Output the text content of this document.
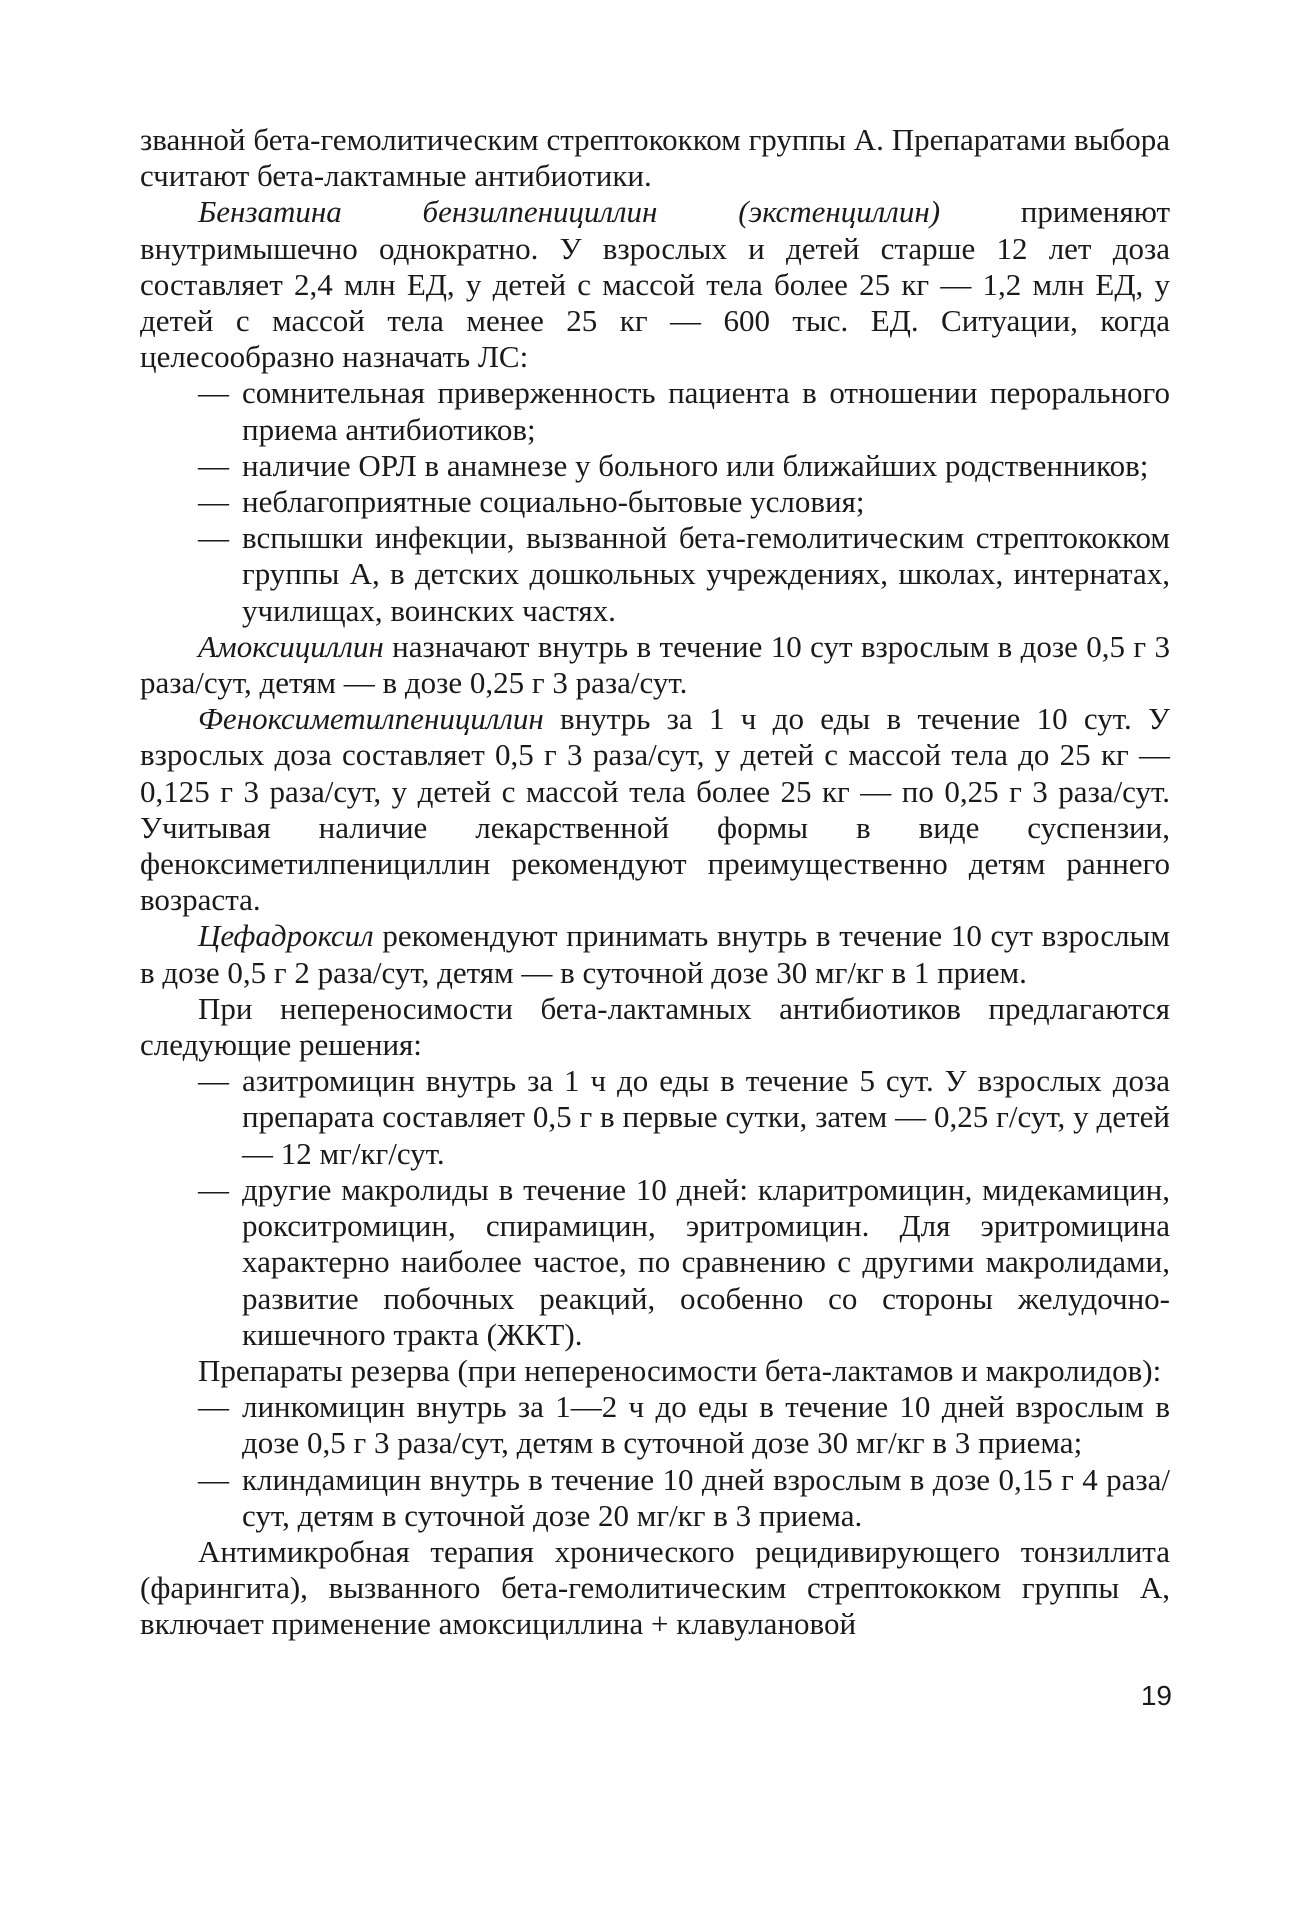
званной бета-гемолитическим стрептококком группы А. Препаратами выбора считают бета-лактамные антибиотики.

Бензатина бензилпенициллин (экстенциллин) применяют внутримышечно однократно. У взрослых и детей старше 12 лет доза составляет 2,4 млн ЕД, у детей с массой тела более 25 кг — 1,2 млн ЕД, у детей с массой тела менее 25 кг — 600 тыс. ЕД. Ситуации, когда целесообразно назначать ЛС:

— сомнительная приверженность пациента в отношении перорального приема антибиотиков;
— наличие ОРЛ в анамнезе у больного или ближайших родственников;
— неблагоприятные социально-бытовые условия;
— вспышки инфекции, вызванной бета-гемолитическим стрептококком группы А, в детских дошкольных учреждениях, школах, интернатах, училищах, воинских частях.

Амоксициллин назначают внутрь в течение 10 сут взрослым в дозе 0,5 г 3 раза/сут, детям — в дозе 0,25 г 3 раза/сут.

Феноксиметилпенициллин внутрь за 1 ч до еды в течение 10 сут. У взрослых доза составляет 0,5 г 3 раза/сут, у детей с массой тела до 25 кг — 0,125 г 3 раза/сут, у детей с массой тела более 25 кг — по 0,25 г 3 раза/сут. Учитывая наличие лекарственной формы в виде суспензии, феноксиметилпенициллин рекомендуют преимущественно детям раннего возраста.

Цефадроксил рекомендуют принимать внутрь в течение 10 сут взрослым в дозе 0,5 г 2 раза/сут, детям — в суточной дозе 30 мг/кг в 1 прием.

При непереносимости бета-лактамных антибиотиков предлагаются следующие решения:

— азитромицин внутрь за 1 ч до еды в течение 5 сут. У взрослых доза препарата составляет 0,5 г в первые сутки, затем — 0,25 г/сут, у детей — 12 мг/кг/сут.
— другие макролиды в течение 10 дней: кларитромицин, мидекамицин, рокситромицин, спирамицин, эритромицин. Для эритромицина характерно наиболее частое, по сравнению с другими макролидами, развитие побочных реакций, особенно со стороны желудочно-кишечного тракта (ЖКТ).

Препараты резерва (при непереносимости бета-лактамов и макролидов):

— линкомицин внутрь за 1—2 ч до еды в течение 10 дней взрослым в дозе 0,5 г 3 раза/сут, детям в суточной дозе 30 мг/кг в 3 приема;
— клиндамицин внутрь в течение 10 дней взрослым в дозе 0,15 г 4 раза/сут, детям в суточной дозе 20 мг/кг в 3 приема.

Антимикробная терапия хронического рецидивирующего тонзиллита (фарингита), вызванного бета-гемолитическим стрептококком группы А, включает применение амоксициллина + клавулановой

19
